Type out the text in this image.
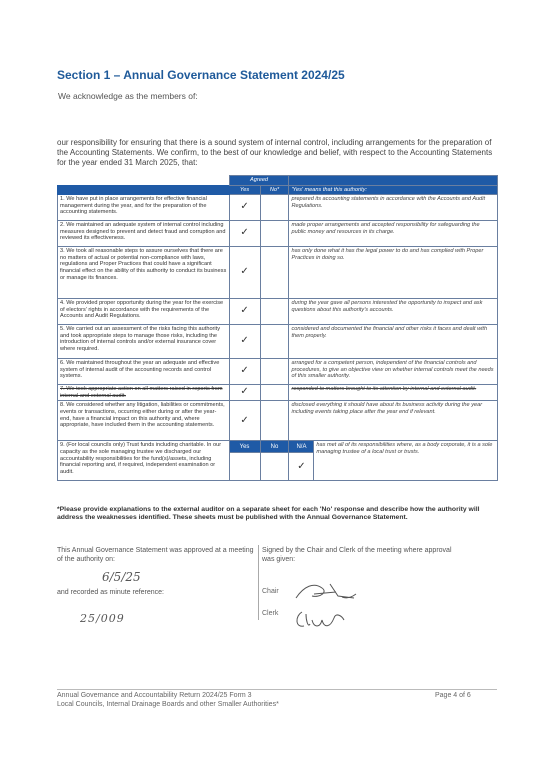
Section 1 – Annual Governance Statement 2024/25
We acknowledge as the members of:
our responsibility for ensuring that there is a sound system of internal control, including arrangements for the preparation of the Accounting Statements. We confirm, to the best of our knowledge and belief, with respect to the Accounting Statements for the year ended 31 March 2025, that:
	Agreed			
	Yes	No*	'Yes' means that this authority:	
1. We have put in place arrangements for effective financial management during the year, and for the preparation of the accounting statements.	✓		prepared its accounting statements in accordance with the Accounts and Audit Regulations.	
2. We maintained an adequate system of internal control including measures designed to prevent and detect fraud and corruption and reviewed its effectiveness.	✓		made proper arrangements and accepted responsibility for safeguarding the public money and resources in its charge.	
3. We took all reasonable steps to assure ourselves that there are no matters of actual or potential non-compliance with laws, regulations and Proper Practices that could have a significant financial effect on the ability of this authority to conduct its business or manage its finances.	✓		has only done what it has the legal power to do and has complied with Proper Practices in doing so.	
4. We provided proper opportunity during the year for the exercise of electors' rights in accordance with the requirements of the Accounts and Audit Regulations.	✓		during the year gave all persons interested the opportunity to inspect and ask questions about this authority's accounts.	
5. We carried out an assessment of the risks facing this authority and took appropriate steps to manage those risks, including the introduction of internal controls and/or external insurance cover where required.	✓		considered and documented the financial and other risks it faces and dealt with them properly.	
6. We maintained throughout the year an adequate and effective system of internal audit of the accounting records and control systems.	✓		arranged for a competent person, independent of the financial controls and procedures, to give an objective view on whether internal controls meet the needs of this smaller authority.	
7. We took appropriate action on all matters raised in reports from internal and external audit.	✓		responded to matters brought to its attention by internal and external audit.	
8. We considered whether any litigation, liabilities or commitments, events or transactions, occurring either during or after the year-end, have a financial impact on this authority and, where appropriate, have included them in the accounting statements.	✓		disclosed everything it should have about its business activity during the year including events taking place after the year end if relevant.	
9. (For local councils only) Trust funds including charitable. In our capacity as the sole managing trustee we discharged our accountability responsibilities for the fund(s)/assets, including financial reporting and, if required, independent examination or audit.	Yes	No	N/A	has met all of its responsibilities where, as a body corporate, it is a sole managing trustee of a local trust or trusts.
			✓	
*Please provide explanations to the external auditor on a separate sheet for each 'No' response and describe how the authority will address the weaknesses identified. These sheets must be published with the Annual Governance Statement.
This Annual Governance Statement was approved at a meeting of the authority on:
6/5/25
and recorded as minute reference:
25/009
Signed by the Chair and Clerk of the meeting where approval was given:
Chair
Clerk
Annual Governance and Accountability Return 2024/25 Form 3
Local Councils, Internal Drainage Boards and other Smaller Authorities*
Page 4 of 6
